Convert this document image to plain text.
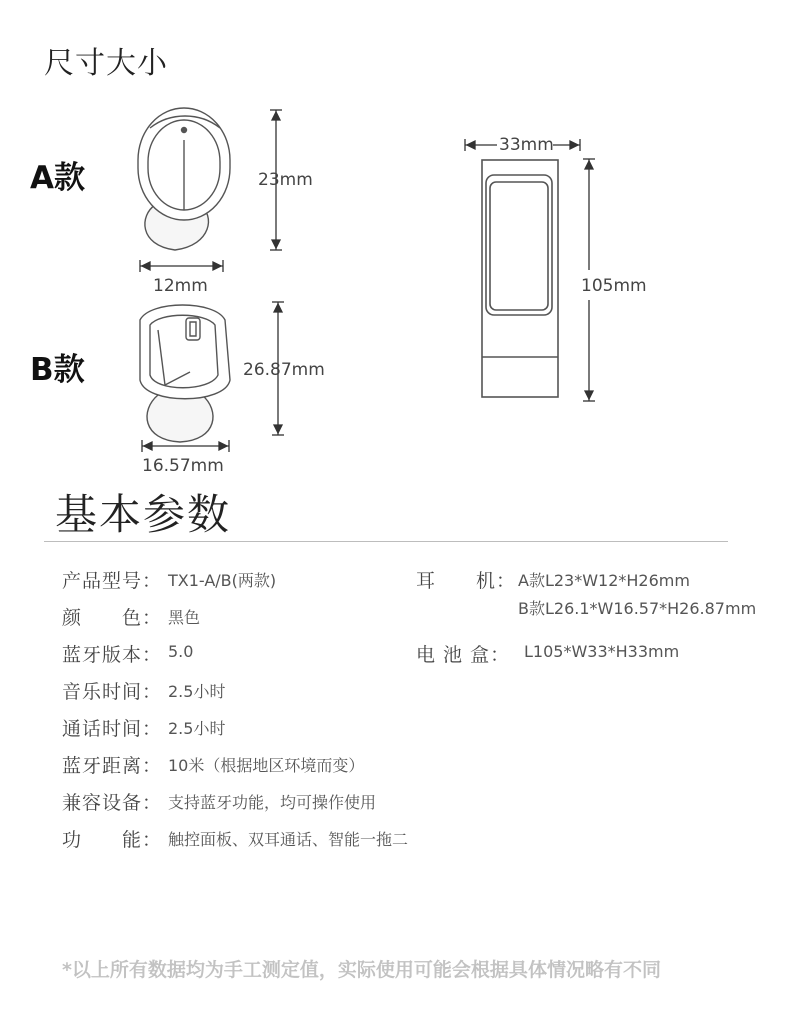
尺寸大小
A款
B款
23mm
12mm
26.87mm
16.57mm
33mm
105mm
基本参数
产品型号： TX1-A/B(两款)
颜　　色： 黑色
蓝牙版本： 5.0
音乐时间： 2.5小时
通话时间： 2.5小时
蓝牙距离： 10米（根据地区环境而变）
兼容设备： 支持蓝牙功能，均可操作使用
功　　能： 触控面板、双耳通话、智能一拖二
耳　　机： A款L23*W12*H26mm
B款L26.1*W16.57*H26.87mm
电 池 盒： L105*W33*H33mm
*以上所有数据均为手工测定值，实际使用可能会根据具体情况略有不同
